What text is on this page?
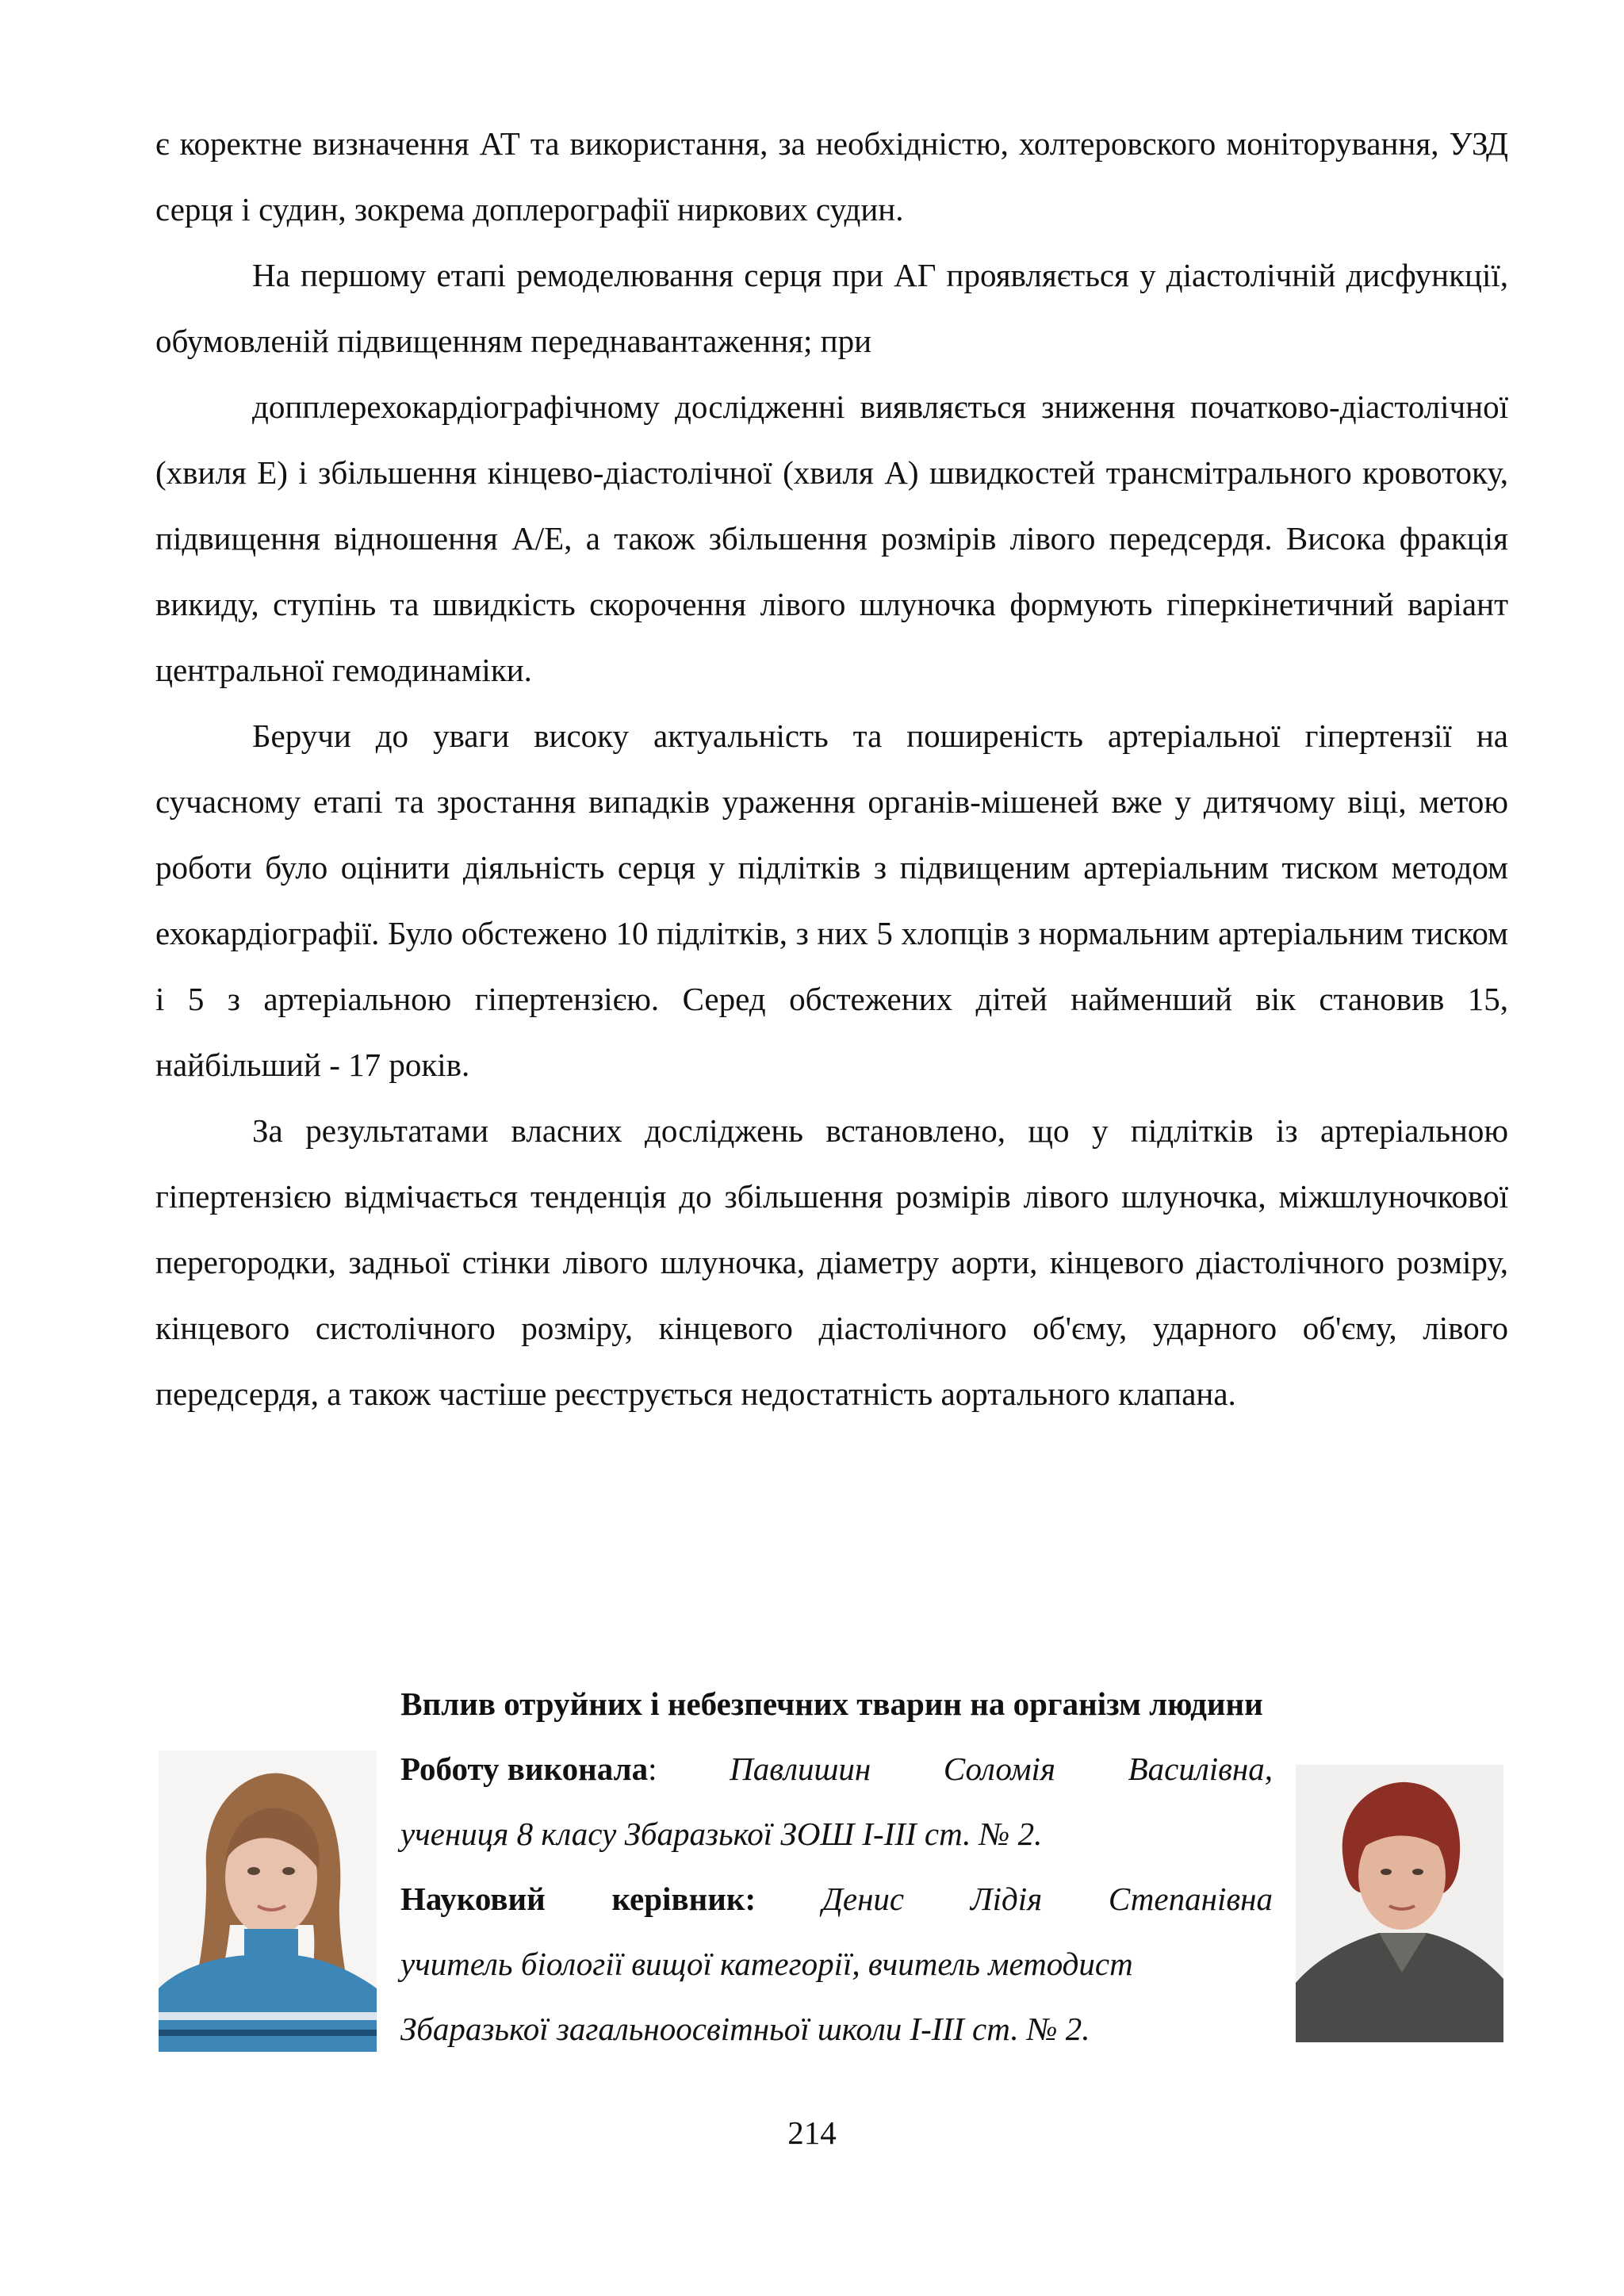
є коректне визначення АТ та використання, за необхідністю, холтеровского моніторування, УЗД серця і судин, зокрема доплерографії ниркових судин.

На першому етапі ремоделювання серця при АГ проявляється у діастолічній дисфункції, обумовленій підвищенням переднавантаження; при

допплерехокардіографічному дослідженні виявляється зниження початково-діастолічної (хвиля Е) і збільшення кінцево-діастолічної (хвиля А) швидкостей трансмітрального кровотоку, підвищення відношення А/Е, а також збільшення розмірів лівого передсердя. Висока фракція викиду, ступінь та швидкість скорочення лівого шлуночка формують гіперкінетичний варіант центральної гемодинаміки.

Беручи до уваги високу актуальність та поширеність артеріальної гіпертензії на сучасному етапі та зростання випадків ураження органів-мішеней вже у дитячому віці, метою роботи було оцінити діяльність серця у підлітків з підвищеним артеріальним тиском методом ехокардіографії. Було обстежено 10 підлітків, з них 5 хлопців з нормальним артеріальним тиском і 5 з артеріальною гіпертензією. Серед обстежених дітей найменший вік становив 15, найбільший - 17 років.

За результатами власних досліджень встановлено, що у підлітків із артеріальною гіпертензією відмічається тенденція до збільшення розмірів лівого шлуночка, міжшлуночкової перегородки, задньої стінки лівого шлуночка, діаметру аорти, кінцевого діастолічного розміру, кінцевого систолічного розміру, кінцевого діастолічного об'єму, ударного об'єму, лівого передсердя, а також частіше реєструється недостатність аортального клапана.

Вплив отруйних і небезпечних тварин на організм людини

Роботу виконала: Павлишин Соломія Василівна,

учениця 8 класу Збаразької ЗОШ І-ІІІ ст. № 2.

Науковий керівник: Денис Лідія Степанівна

учитель біології вищої категорії, вчитель методист

Збаразької загальноосвітньої школи І-ІІІ ст. № 2.

214
